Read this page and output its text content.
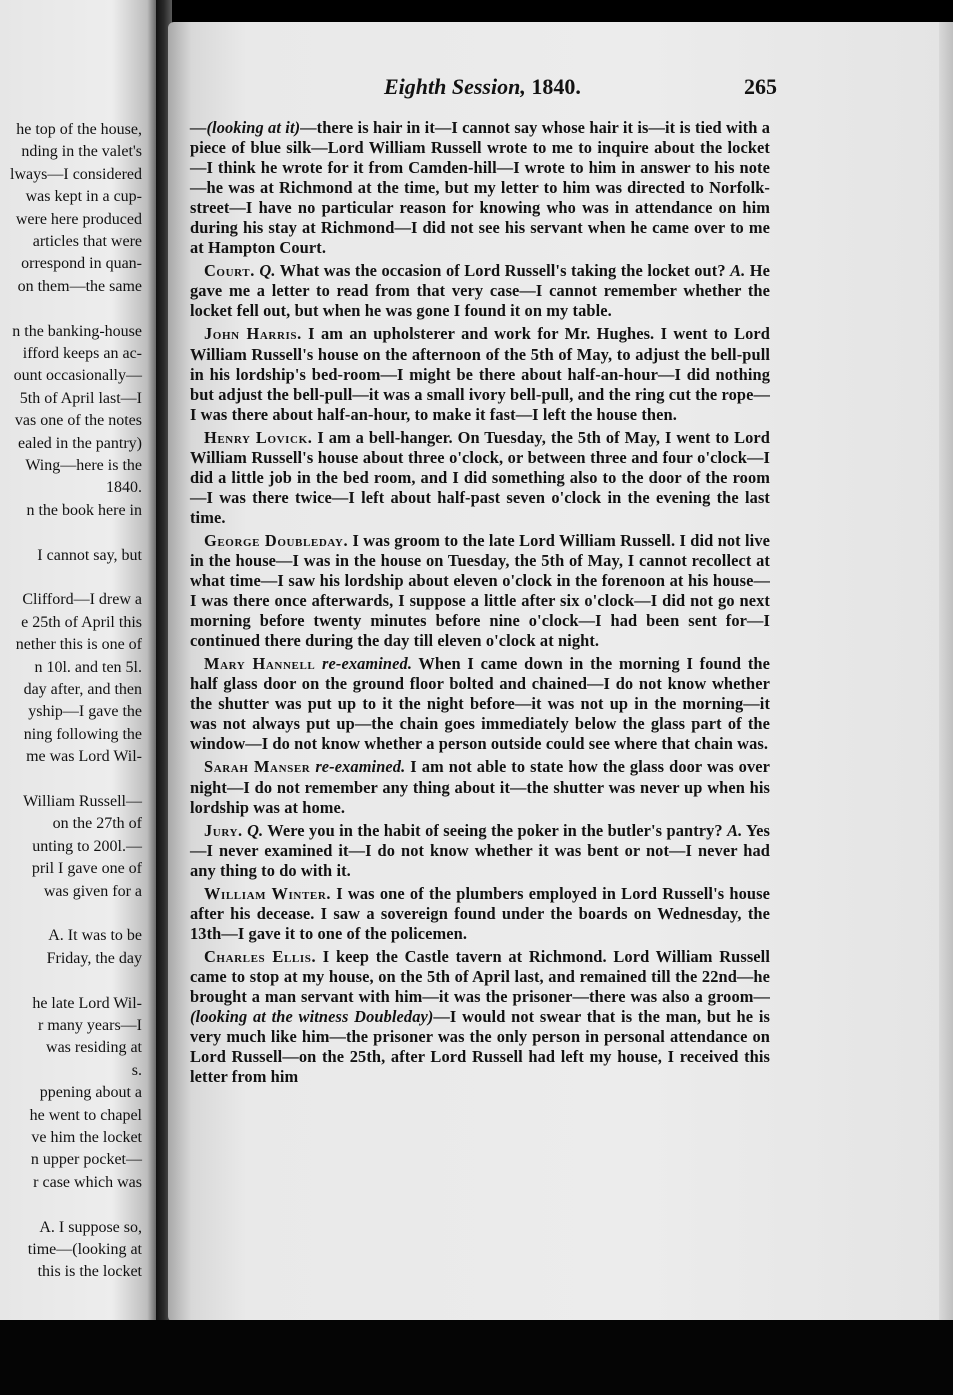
he top of the house,
nding in the valet's
lways—I considered
was kept in a cup-
were here produced
articles that were
orrespond in quan-
on them—the same
n the banking-house
ifford keeps an ac-
ount occasionally—
5th of April last—I
vas one of the notes
ealed in the pantry)
Wing—here is the
1840.
n the book here in
I cannot say, but
Clifford—I drew a
e 25th of April this
nether this is one of
n 10l. and ten 5l.
day after, and then
yship—I gave the
ning following the
me was Lord Wil-
William Russell—
on the 27th of
unting to 200l.—
pril I gave one of
was given for a
A. It was to be
Friday, the day
he late Lord Wil-
r many years—I
was residing at
s.
ppening about a
he went to chapel
ve him the locket
n upper pocket—
r case which was
A. I suppose so,
time—(looking at
this is the locket
Eighth Session, 1840.	265

—(looking at it)—there is hair in it—I cannot say whose hair it is—it is tied with a piece of blue silk—Lord William Russell wrote to me to inquire about the locket—I think he wrote for it from Camden-hill—I wrote to him in answer to his note—he was at Richmond at the time, but my letter to him was directed to Norfolk-street—I have no particular reason for knowing who was in attendance on him during his stay at Richmond—I did not see his servant when he came over to me at Hampton Court.

Court. Q. What was the occasion of Lord Russell's taking the locket out? A. He gave me a letter to read from that very case—I cannot remember whether the locket fell out, but when he was gone I found it on my table.

John Harris. I am an upholsterer and work for Mr. Hughes. I went to Lord William Russell's house on the afternoon of the 5th of May, to adjust the bell-pull in his lordship's bed-room—I might be there about half-an-hour—I did nothing but adjust the bell-pull—it was a small ivory bell-pull, and the ring cut the rope—I was there about half-an-hour, to make it fast—I left the house then.

Henry Lovick. I am a bell-hanger. On Tuesday, the 5th of May, I went to Lord William Russell's house about three o'clock, or between three and four o'clock—I did a little job in the bed room, and I did something also to the door of the room—I was there twice—I left about half-past seven o'clock in the evening the last time.

George Doubleday. I was groom to the late Lord William Russell. I did not live in the house—I was in the house on Tuesday, the 5th of May, I cannot recollect at what time—I saw his lordship about eleven o'clock in the forenoon at his house—I was there once afterwards, I suppose a little after six o'clock—I did not go next morning before twenty minutes before nine o'clock—I had been sent for—I continued there during the day till eleven o'clock at night.

Mary Hannell re-examined. When I came down in the morning I found the half glass door on the ground floor bolted and chained—I do not know whether the shutter was put up to it the night before—it was not up in the morning—it was not always put up—the chain goes immediately below the glass part of the window—I do not know whether a person outside could see where that chain was.

Sarah Manser re-examined. I am not able to state how the glass door was over night—I do not remember any thing about it—the shutter was never up when his lordship was at home.

Jury. Q. Were you in the habit of seeing the poker in the butler's pantry? A. Yes—I never examined it—I do not know whether it was bent or not—I never had any thing to do with it.

William Winter. I was one of the plumbers employed in Lord Russell's house after his decease. I saw a sovereign found under the boards on Wednesday, the 13th—I gave it to one of the policemen.

Charles Ellis. I keep the Castle tavern at Richmond. Lord William Russell came to stop at my house, on the 5th of April last, and remained till the 22nd—he brought a man servant with him—it was the prisoner—there was also a groom—(looking at the witness Doubleday)—I would not swear that is the man, but he is very much like him—the prisoner was the only person in personal attendance on Lord Russell—on the 25th, after Lord Russell had left my house, I received this letter from him
